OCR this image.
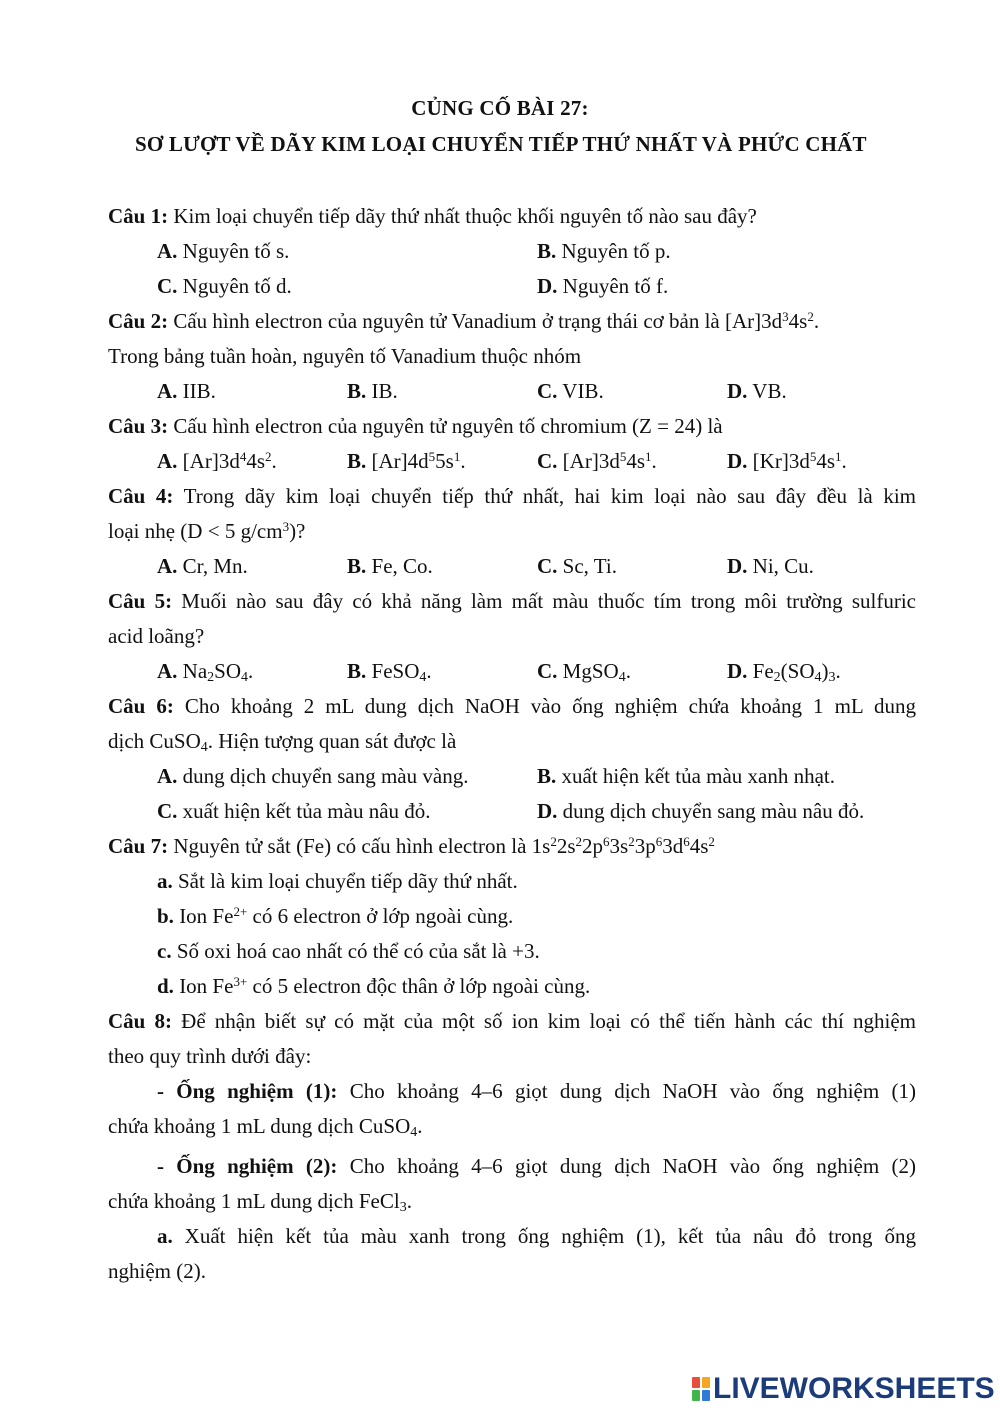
CỦNG CỐ BÀI 27:
SƠ LƯỢT VỀ DÃY KIM LOẠI CHUYỂN TIẾP THỨ NHẤT VÀ PHỨC CHẤT
Câu 1: Kim loại chuyển tiếp dãy thứ nhất thuộc khối nguyên tố nào sau đây?
A. Nguyên tố s.	B. Nguyên tố p.
C. Nguyên tố d.	D. Nguyên tố f.
Câu 2: Cấu hình electron của nguyên tử Vanadium ở trạng thái cơ bản là $[Ar]3d^34s^2$.
Trong bảng tuần hoàn, nguyên tố Vanadium thuộc nhóm
A. IIB.	B. IB.	C. VIB.	D. VB.
Câu 3: Cấu hình electron của nguyên tử nguyên tố chromium (Z = 24) là
A. $[Ar]3d^44s^2$.	B. $[Ar]4d^55s^1$.	C. $[Ar]3d^54s^1$.	D. $[Kr]3d^54s^1$.
Câu 4: Trong dãy kim loại chuyển tiếp thứ nhất, hai kim loại nào sau đây đều là kim
loại nhẹ (D < 5 $g/cm^3$)?
A. Cr, Mn.	B. Fe, Co.	C. Sc, Ti.	D. Ni, Cu.
Câu 5: Muối nào sau đây có khả năng làm mất màu thuốc tím trong môi trường sulfuric
acid loãng?
A. $Na_2SO_4$.	B. FeSO$_4$.	C. MgSO$_4$.	D. $Fe_2(SO_4)_3$.
Câu 6: Cho khoảng 2 mL dung dịch NaOH vào ống nghiệm chứa khoảng 1 mL dung
dịch CuSO$_4$. Hiện tượng quan sát được là
A. dung dịch chuyển sang màu vàng.	B. xuất hiện kết tủa màu xanh nhạt.
C. xuất hiện kết tủa màu nâu đỏ.	D. dung dịch chuyển sang màu nâu đỏ.
Câu 7: Nguyên tử sắt (Fe) có cấu hình electron là $1s^22s^22p^63s^23p^63d^64s^2$
a. Sắt là kim loại chuyển tiếp dãy thứ nhất.
b. Ion $Fe^{2+}$ có 6 electron ở lớp ngoài cùng.
c. Số oxi hoá cao nhất có thể có của sắt là +3.
d. Ion $Fe^{3+}$ có 5 electron độc thân ở lớp ngoài cùng.
Câu 8: Để nhận biết sự có mặt của một số ion kim loại có thể tiến hành các thí nghiệm
theo quy trình dưới đây:
- Ống nghiệm (1): Cho khoảng 4–6 giọt dung dịch NaOH vào ống nghiệm (1)
chứa khoảng 1 mL dung dịch CuSO$_4$.
- Ống nghiệm (2): Cho khoảng 4–6 giọt dung dịch NaOH vào ống nghiệm (2)
chứa khoảng 1 mL dung dịch FeCl$_3$.
a. Xuất hiện kết tủa màu xanh trong ống nghiệm (1), kết tủa nâu đỏ trong ống
nghiệm (2).
LIVEWORKSHEETS
